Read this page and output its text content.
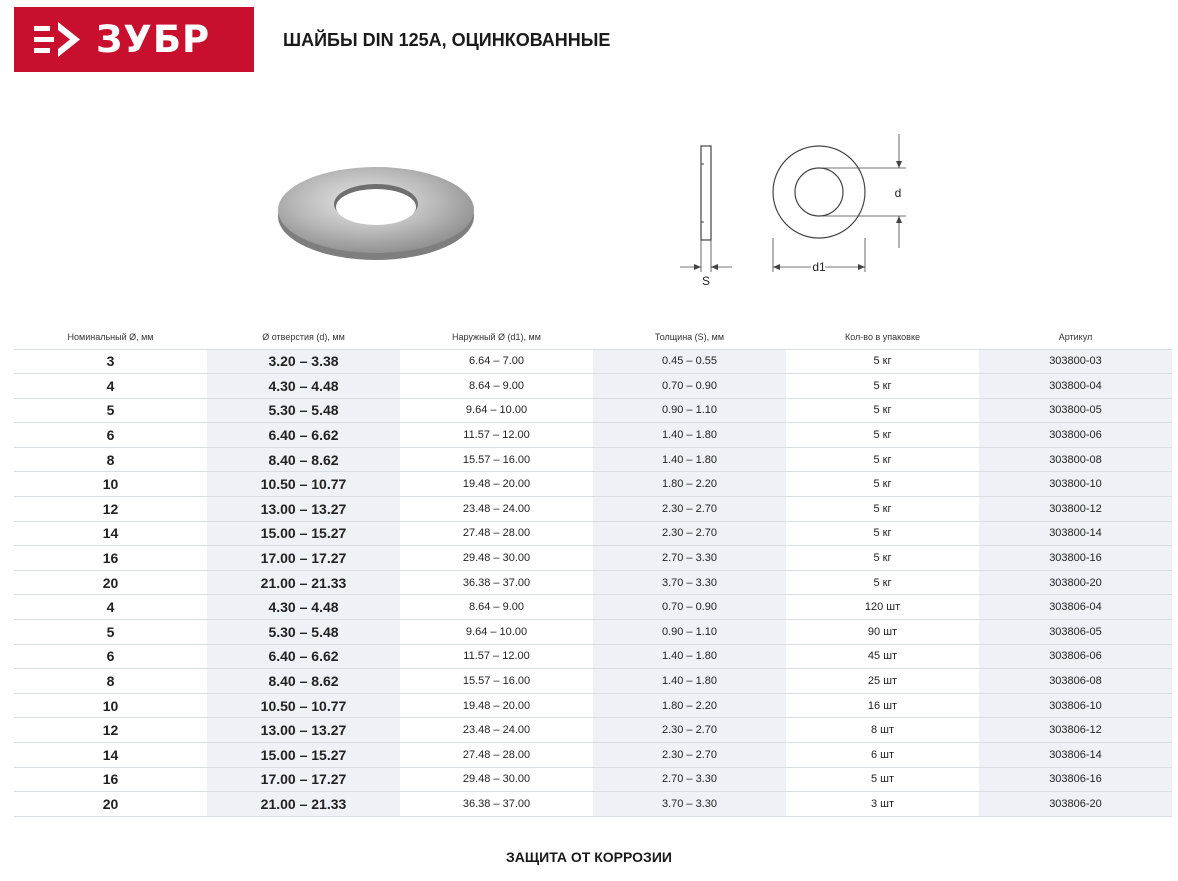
ЗУБР	ШАЙБЫ DIN 125A, ОЦИНКОВАННЫЕ
S
d1
d
Номинальный Ø, мм	Ø отверстия (d), мм	Наружный Ø (d1), мм	Толщина (S), мм	Кол-во в упаковке	Артикул
3	3.20 – 3.38	6.64 – 7.00	0.45 – 0.55	5 кг	303800-03
4	4.30 – 4.48	8.64 – 9.00	0.70 – 0.90	5 кг	303800-04
5	5.30 – 5.48	9.64 – 10.00	0.90 – 1.10	5 кг	303800-05
6	6.40 – 6.62	11.57 – 12.00	1.40 – 1.80	5 кг	303800-06
8	8.40 – 8.62	15.57 – 16.00	1.40 – 1.80	5 кг	303800-08
10	10.50 – 10.77	19.48 – 20.00	1.80 – 2.20	5 кг	303800-10
12	13.00 – 13.27	23.48 – 24.00	2.30 – 2.70	5 кг	303800-12
14	15.00 – 15.27	27.48 – 28.00	2.30 – 2.70	5 кг	303800-14
16	17.00 – 17.27	29.48 – 30.00	2.70 – 3.30	5 кг	303800-16
20	21.00 – 21.33	36.38 – 37.00	3.70 – 3.30	5 кг	303800-20
4	4.30 – 4.48	8.64 – 9.00	0.70 – 0.90	120 шт	303806-04
5	5.30 – 5.48	9.64 – 10.00	0.90 – 1.10	90 шт	303806-05
6	6.40 – 6.62	11.57 – 12.00	1.40 – 1.80	45 шт	303806-06
8	8.40 – 8.62	15.57 – 16.00	1.40 – 1.80	25 шт	303806-08
10	10.50 – 10.77	19.48 – 20.00	1.80 – 2.20	16 шт	303806-10
12	13.00 – 13.27	23.48 – 24.00	2.30 – 2.70	8 шт	303806-12
14	15.00 – 15.27	27.48 – 28.00	2.30 – 2.70	6 шт	303806-14
16	17.00 – 17.27	29.48 – 30.00	2.70 – 3.30	5 шт	303806-16
20	21.00 – 21.33	36.38 – 37.00	3.70 – 3.30	3 шт	303806-20
ЗАЩИТА ОТ КОРРОЗИИ
